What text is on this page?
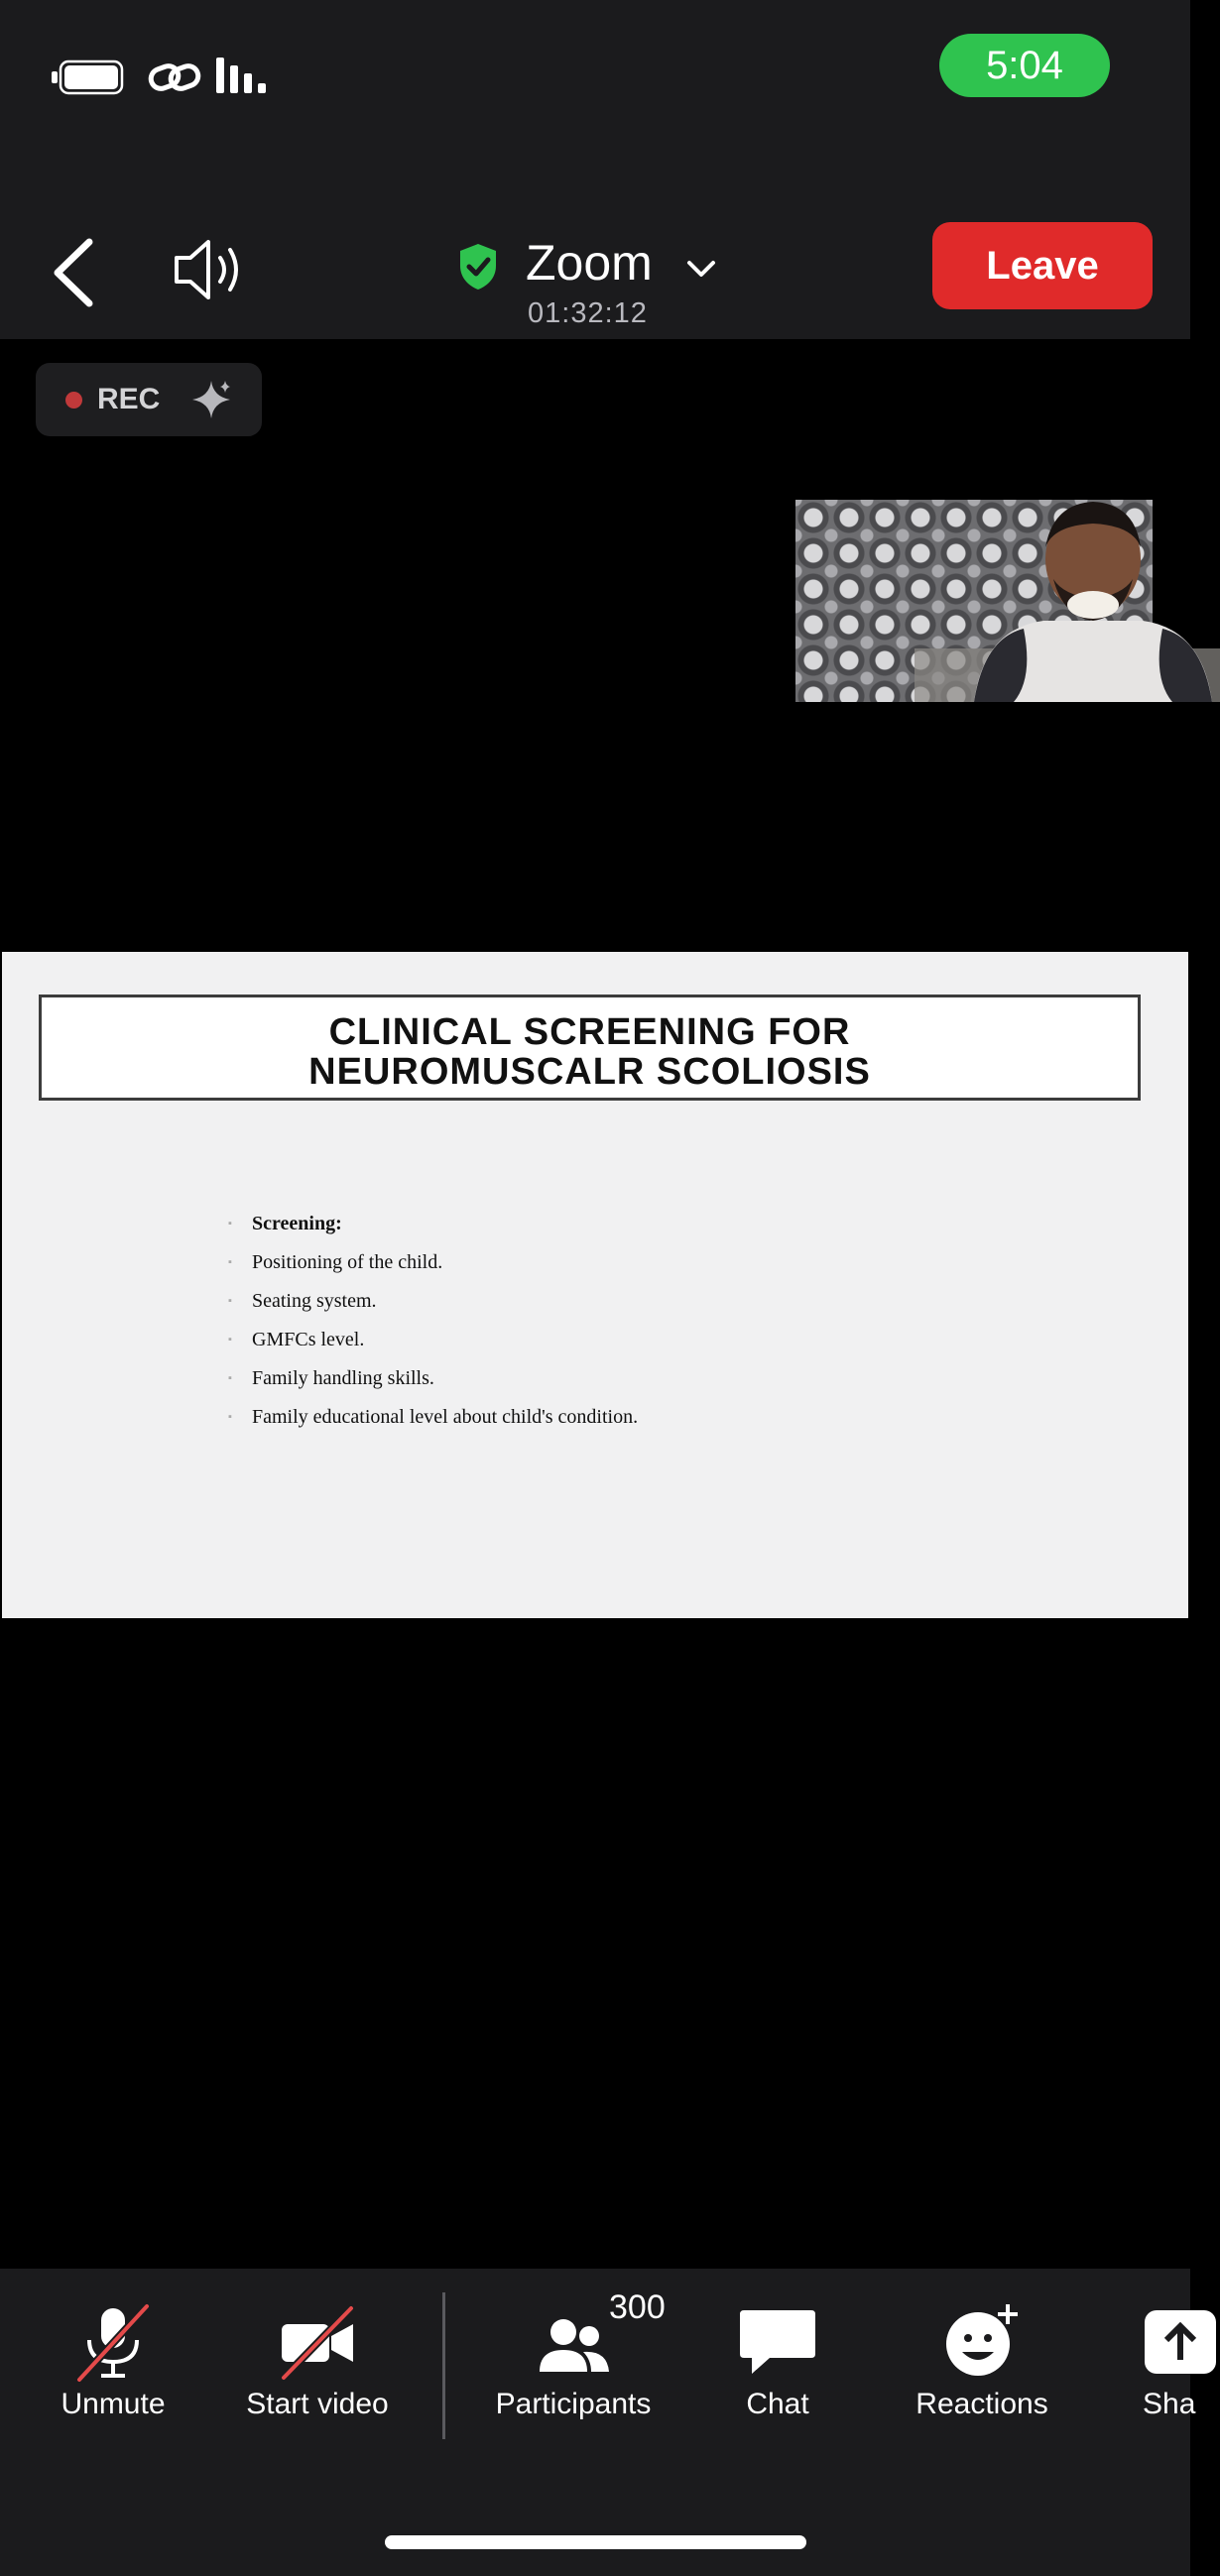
5:04
Zoom
01:32:12
Leave
REC
CLINICAL SCREENING FOR
NEUROMUSCALR SCOLIOSIS
▪ Screening:
▪ Positioning of the child.
▪ Seating system.
▪ GMFCs level.
▪ Family handling skills.
▪ Family educational level about child's condition.
Unmute	Start video	Participants
300
Chat	Reactions	Sha
